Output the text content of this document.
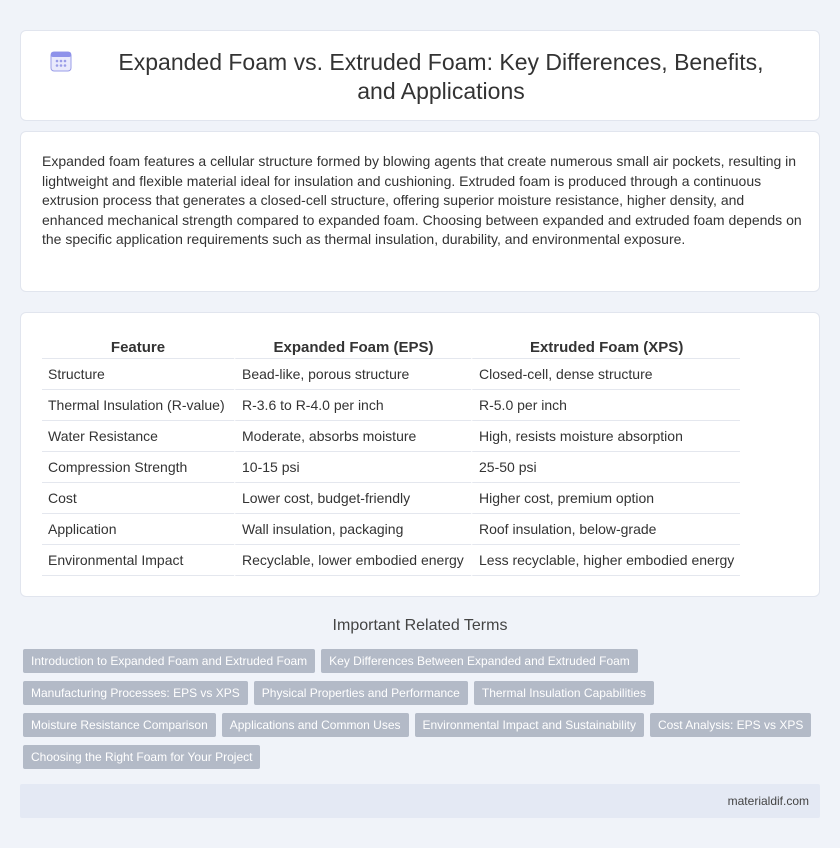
Expanded Foam vs. Extruded Foam: Key Differences, Benefits, and Applications

Expanded foam features a cellular structure formed by blowing agents that create numerous small air pockets, resulting in lightweight and flexible material ideal for insulation and cushioning. Extruded foam is produced through a continuous extrusion process that generates a closed-cell structure, offering superior moisture resistance, higher density, and enhanced mechanical strength compared to expanded foam. Choosing between expanded and extruded foam depends on the specific application requirements such as thermal insulation, durability, and environmental exposure.

Feature	Expanded Foam (EPS)	Extruded Foam (XPS)
Structure	Bead-like, porous structure	Closed-cell, dense structure
Thermal Insulation (R-value)	R-3.6 to R-4.0 per inch	R-5.0 per inch
Water Resistance	Moderate, absorbs moisture	High, resists moisture absorption
Compression Strength	10-15 psi	25-50 psi
Cost	Lower cost, budget-friendly	Higher cost, premium option
Application	Wall insulation, packaging	Roof insulation, below-grade
Environmental Impact	Recyclable, lower embodied energy	Less recyclable, higher embodied energy
Important Related Terms
Introduction to Expanded Foam and Extruded Foam	Key Differences Between Expanded and Extruded Foam
Manufacturing Processes: EPS vs XPS	Physical Properties and Performance	Thermal Insulation Capabilities
Moisture Resistance Comparison	Applications and Common Uses	Environmental Impact and Sustainability	Cost Analysis: EPS vs XPS
Choosing the Right Foam for Your Project
materialdif.com
